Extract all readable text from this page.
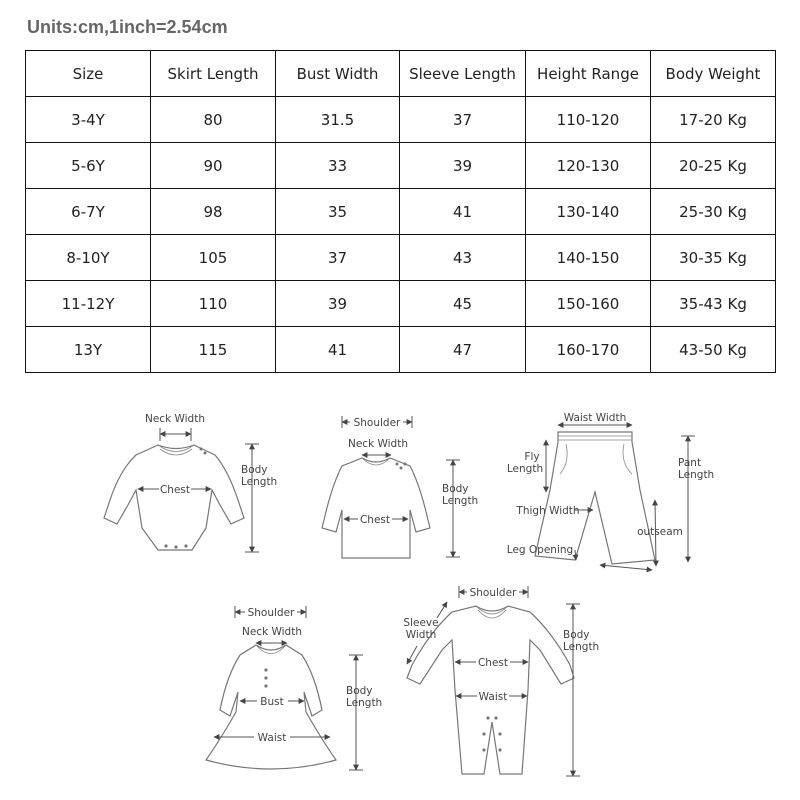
Units:cm,1inch=2.54cm
Size	Skirt Length	Bust Width	Sleeve Length	Height Range	Body Weight
3-4Y	80	31.5	37	110-120	17-20 Kg
5-6Y	90	33	39	120-130	20-25 Kg
6-7Y	98	35	41	130-140	25-30 Kg
8-10Y	105	37	43	140-150	30-35 Kg
11-12Y	110	39	45	150-160	35-43 Kg
13Y	115	41	47	160-170	43-50 Kg
Neck Width
Chest
Body
Length
Shoulder
Neck Width
Chest
Body
Length
Waist Width
Fly
Length	Pant
Length
Thigh Width
outseam
Leg Opening
Shoulder
Neck Width
Bust
Waist
Body
Length
Shoulder
Sleeve
Width
Chest
Waist
Body
Length
